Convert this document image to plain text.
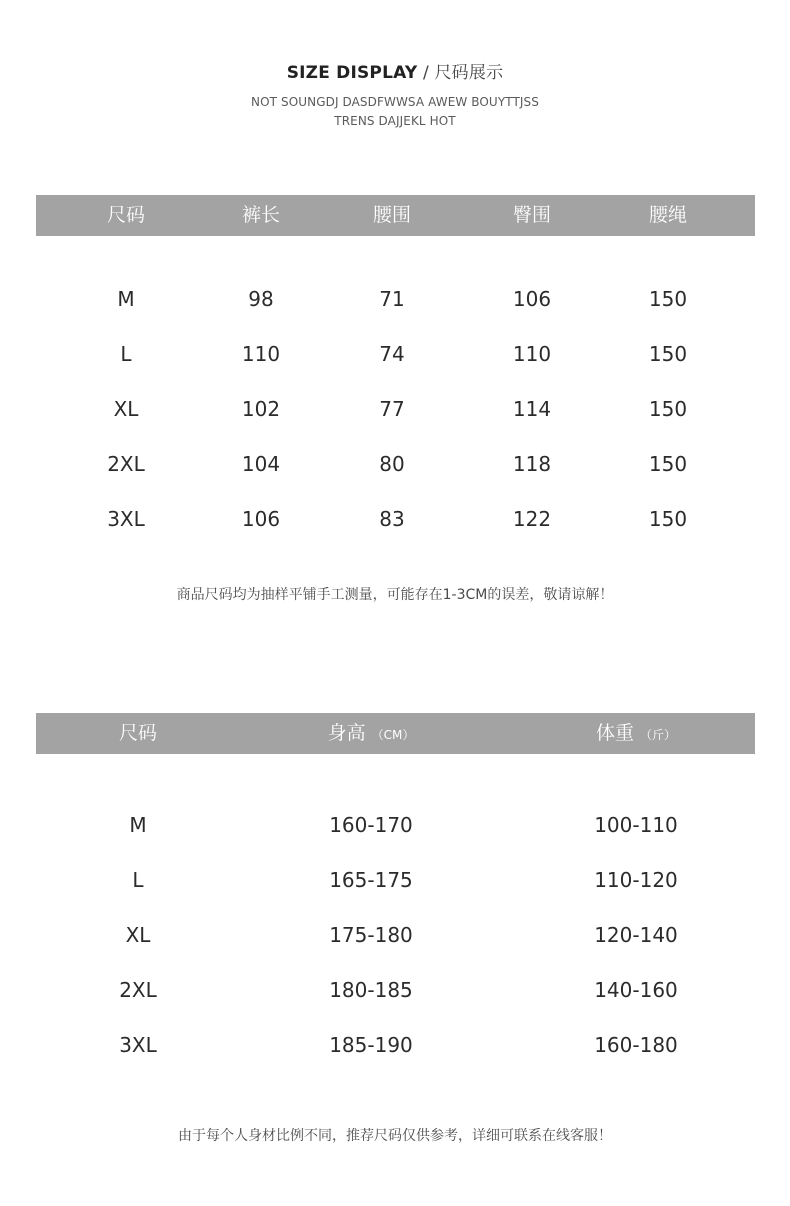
SIZE DISPLAY / 尺码展示
NOT SOUNGDJ DASDFWWSA AWEW BOUYTTJSS
TRENS DAJJEKL HOT
尺码	裤长	腰围	臀围	腰绳
M	98	71	106	150
L	110	74	110	150
XL	102	77	114	150
2XL	104	80	118	150
3XL	106	83	122	150
商品尺码均为抽样平铺手工测量，可能存在1-3CM的误差，敬请谅解！
尺码	身高 （CM）	体重 （斤）
M	160-170	100-110
L	165-175	110-120
XL	175-180	120-140
2XL	180-185	140-160
3XL	185-190	160-180
由于每个人身材比例不同，推荐尺码仅供参考，详细可联系在线客服！
